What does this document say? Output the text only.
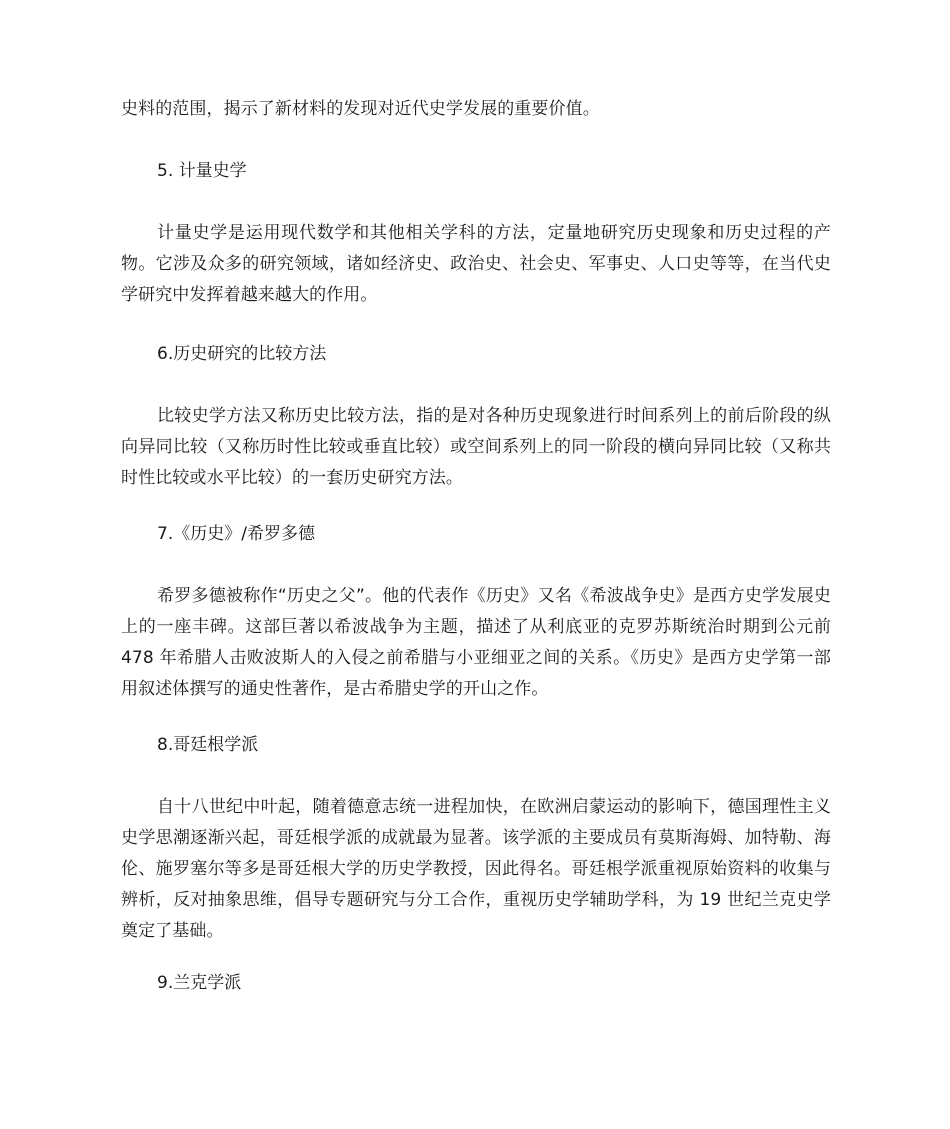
史料的范围，揭示了新材料的发现对近代史学发展的重要价值。

5. 计量史学

计量史学是运用现代数学和其他相关学科的方法，定量地研究历史现象和历史过程的产物。它涉及众多的研究领域，诸如经济史、政治史、社会史、军事史、人口史等等，在当代史学研究中发挥着越来越大的作用。

6.历史研究的比较方法

比较史学方法又称历史比较方法，指的是对各种历史现象进行时间系列上的前后阶段的纵向异同比较（又称历时性比较或垂直比较）或空间系列上的同一阶段的横向异同比较（又称共时性比较或水平比较）的一套历史研究方法。

7.《历史》/希罗多德

希罗多德被称作“历史之父”。他的代表作《历史》又名《希波战争史》是西方史学发展史上的一座丰碑。这部巨著以希波战争为主题，描述了从利底亚的克罗苏斯统治时期到公元前 478 年希腊人击败波斯人的入侵之前希腊与小亚细亚之间的关系。《历史》是西方史学第一部用叙述体撰写的通史性著作，是古希腊史学的开山之作。

8.哥廷根学派

自十八世纪中叶起，随着德意志统一进程加快，在欧洲启蒙运动的影响下，德国理性主义史学思潮逐渐兴起，哥廷根学派的成就最为显著。该学派的主要成员有莫斯海姆、加特勒、海伦、施罗塞尔等多是哥廷根大学的历史学教授，因此得名。哥廷根学派重视原始资料的收集与辨析，反对抽象思维，倡导专题研究与分工合作，重视历史学辅助学科，为 19 世纪兰克史学奠定了基础。

9.兰克学派
